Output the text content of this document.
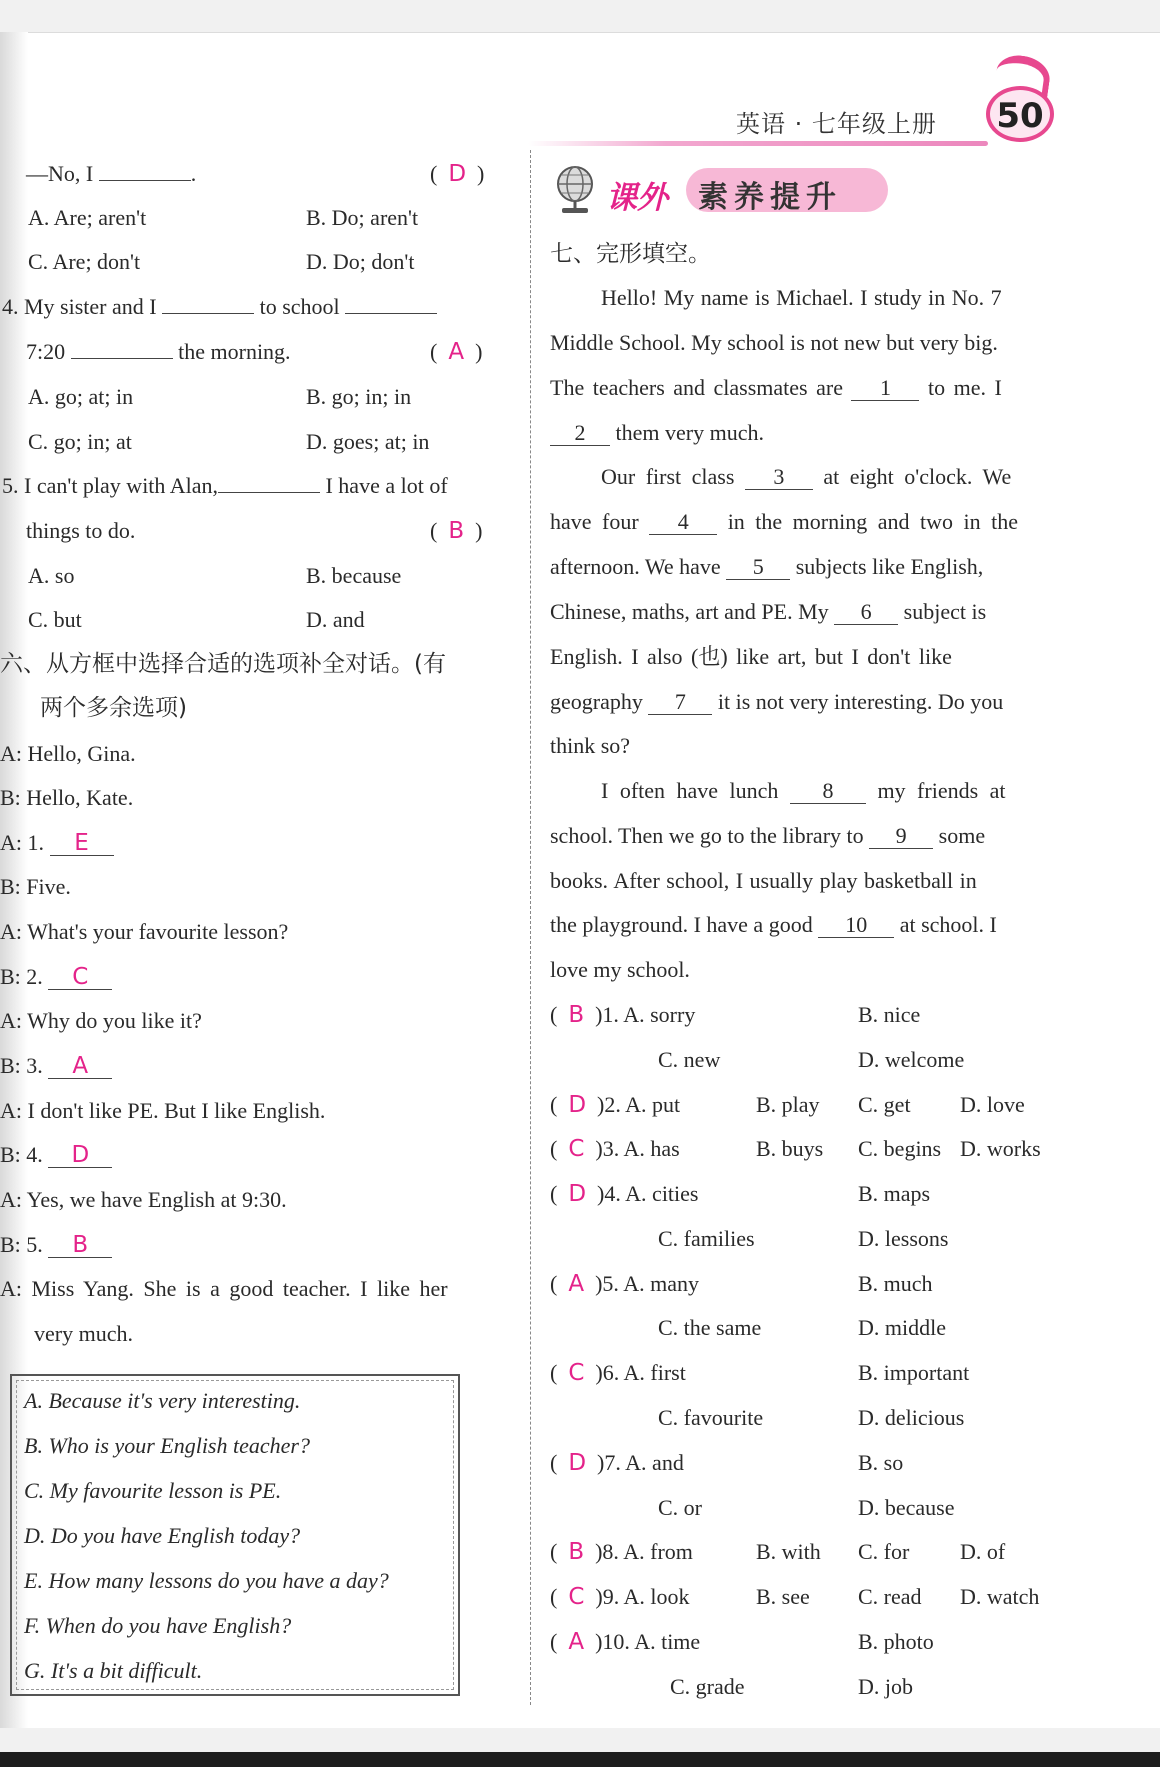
英语 · 七年级上册	50
—No, I	.	(  D  )
A. Are; aren't	B. Do; aren't
C. Are; don't	D. Do; don't
4. My sister and I	to school
7:20	the morning.	(  A  )
A. go; at; in	B. go; in; in
C. go; in; at	D. goes; at; in
5. I can't play with Alan,	I have a lot of
things to do.	(  B  )
A. so	B. because
C. but	D. and
六、从方框中选择合适的选项补全对话。(有
两个多余选项)
A: Hello, Gina.
B: Hello, Kate.
A: 1. E
B: Five.
A: What's your favourite lesson?
B: 2. C
A: Why do you like it?
B: 3. A
A: I don't like PE. But I like English.
B: 4. D
A: Yes, we have English at 9:30.
B: 5. B
A: Miss Yang. She is a good teacher. I like her
very much.
A. Because it's very interesting.
B. Who is your English teacher?
C. My favourite lesson is PE.
D. Do you have English today?
E. How many lessons do you have a day?
F. When do you have English?
G. It's a bit difficult.
课外 素养提升
七、完形填空。
Hello! My name is Michael. I study in No. 7
Middle School. My school is not new but very big.
The teachers and classmates are 1 to me. I
2 them very much.
Our first class 3 at eight o'clock. We
have four 4 in the morning and two in the
afternoon. We have 5 subjects like English,
Chinese, maths, art and PE. My 6 subject is
English. I also (也) like art, but I don't like
geography 7 it is not very interesting. Do you
think so?
I often have lunch 8 my friends at
school. Then we go to the library to 9 some
books. After school, I usually play basketball in
the playground. I have a good 10 at school. I
love my school.
(  B )1. A. sorry	B. nice
C. new	D. welcome
(  D )2. A. put	B. play C. get D. love
(  C )3. A. has	B. buys C. begins D. works
(  D )4. A. cities	B. maps
C. families	D. lessons
(  A )5. A. many	B. much
C. the same	D. middle
(  C )6. A. first	B. important
C. favourite	D. delicious
(  D )7. A. and	B. so
C. or	D. because
(  B )8. A. from	B. with C. for D. of
(  C )9. A. look	B. see C. read D. watch
(  A )10. A. time	B. photo
C. grade	D. job
